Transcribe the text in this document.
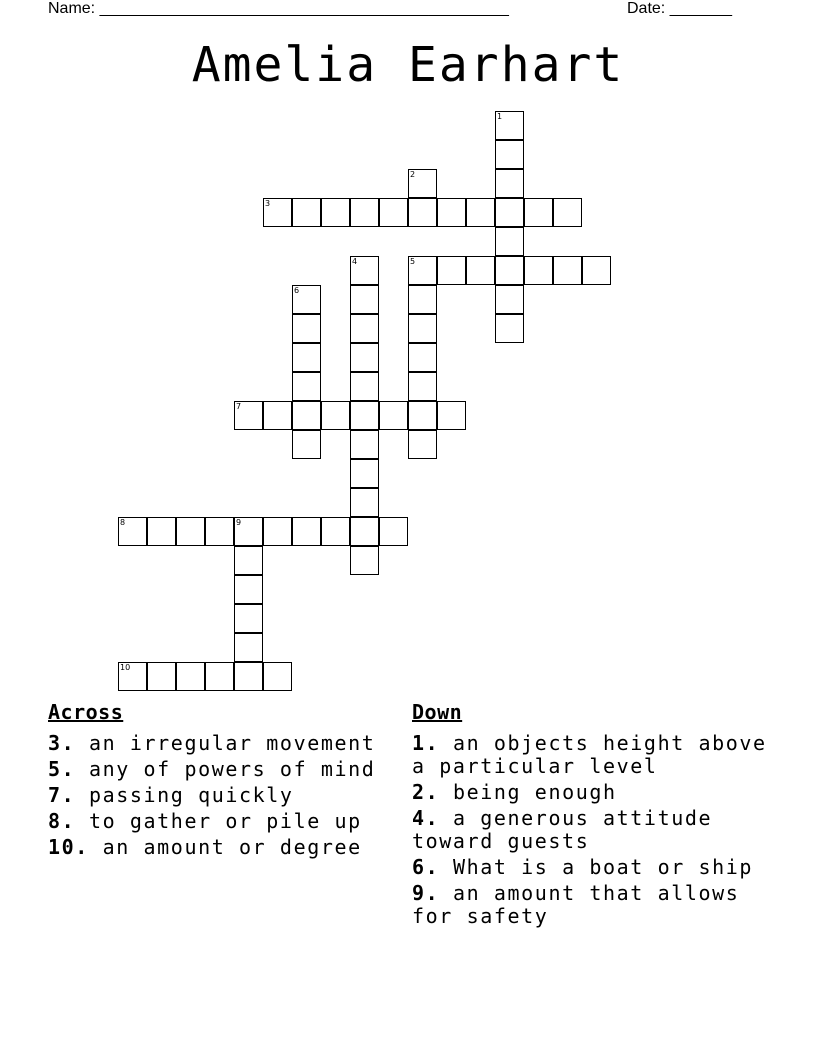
Name: ______________________________________________	Date: _______
Amelia Earhart
1
2
3
4	5
6
7
8	9
10
Across
3. an irregular movement
5. any of powers of mind
7. passing quickly
8. to gather or pile up
10. an amount or degree
Down
1. an objects height above a particular level
2. being enough
4. a generous attitude toward guests
6. What is a boat or ship
9. an amount that allows for safety
